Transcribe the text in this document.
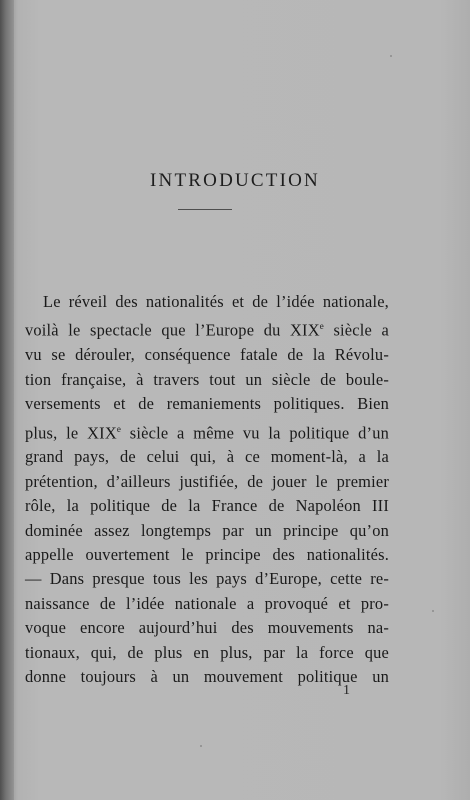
INTRODUCTION
Le réveil des nationalités et de l’idée nationale,
voilà le spectacle que l’Europe du XIXe siècle a
vu se dérouler, conséquence fatale de la Révolu-
tion française, à travers tout un siècle de boule-
versements et de remaniements politiques. Bien
plus, le XIXe siècle a même vu la politique d’un
grand pays, de celui qui, à ce moment-là, a la
prétention, d’ailleurs justifiée, de jouer le premier
rôle, la politique de la France de Napoléon III
dominée assez longtemps par un principe qu’on
appelle ouvertement le principe des nationalités.
— Dans presque tous les pays d’Europe, cette re-
naissance de l’idée nationale a provoqué et pro-
voque encore aujourd’hui des mouvements na-
tionaux, qui, de plus en plus, par la force que
donne toujours à un mouvement politique un
1
